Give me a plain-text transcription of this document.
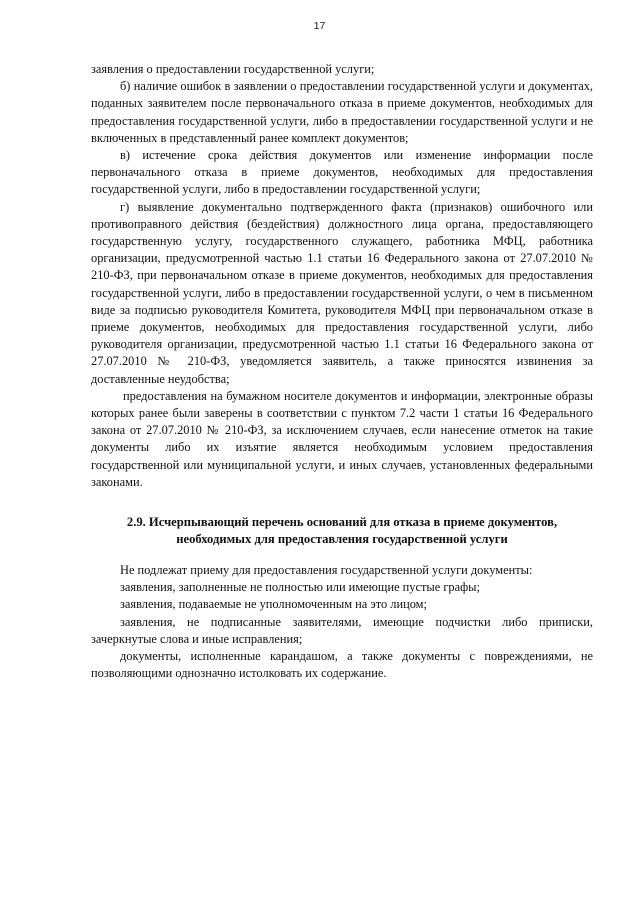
17

заявления о предоставлении государственной услуги;

б) наличие ошибок в заявлении о предоставлении государственной услуги и документах, поданных заявителем после первоначального отказа в приеме документов, необходимых для предоставления государственной услуги, либо в предоставлении государственной услуги и не включенных в представленный ранее комплект документов;

в) истечение срока действия документов или изменение информации после первоначального отказа в приеме документов, необходимых для предоставления государственной услуги, либо в предоставлении государственной услуги;

г) выявление документально подтвержденного факта (признаков) ошибочного или противоправного действия (бездействия) должностного лица органа, предоставляющего государственную услугу, государственного служащего, работника МФЦ, работника организации, предусмотренной частью 1.1 статьи 16 Федерального закона от 27.07.2010 № 210-ФЗ, при первоначальном отказе в приеме документов, необходимых для предоставления государственной услуги, либо в предоставлении государственной услуги, о чем в письменном виде за подписью руководителя Комитета, руководителя МФЦ при первоначальном отказе в приеме документов, необходимых для предоставления государственной услуги, либо руководителя организации, предусмотренной частью 1.1 статьи 16 Федерального закона от 27.07.2010 № 210-ФЗ, уведомляется заявитель, а также приносятся извинения за доставленные неудобства;

предоставления на бумажном носителе документов и информации, электронные образы которых ранее были заверены в соответствии с пунктом 7.2 части 1 статьи 16 Федерального закона от 27.07.2010 № 210-ФЗ, за исключением случаев, если нанесение отметок на такие документы либо их изъятие является необходимым условием предоставления государственной или муниципальной услуги, и иных случаев, установленных федеральными законами.

2.9. Исчерпывающий перечень оснований для отказа в приеме документов, необходимых для предоставления государственной услуги

Не подлежат приему для предоставления государственной услуги документы:

заявления, заполненные не полностью или имеющие пустые графы;

заявления, подаваемые не уполномоченным на это лицом;

заявления, не подписанные заявителями, имеющие подчистки либо приписки, зачеркнутые слова и иные исправления;

документы, исполненные карандашом, а также документы с повреждениями, не позволяющими однозначно истолковать их содержание.
